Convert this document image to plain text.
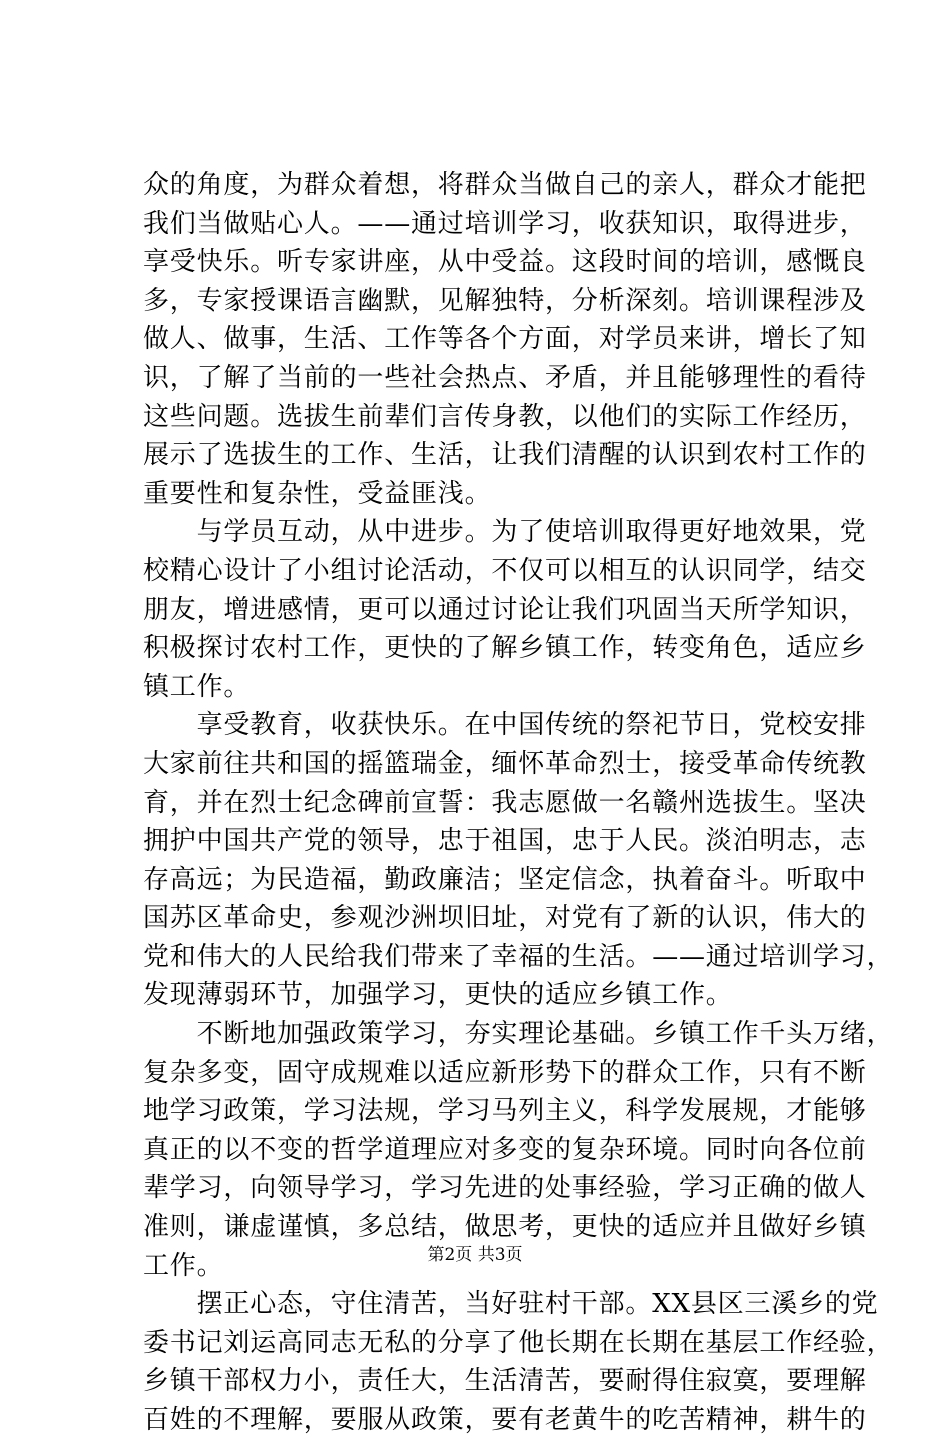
众的角度，为群众着想，将群众当做自己的亲人，群众才能把
我们当做贴心人。——通过培训学习，收获知识，取得进步，
享受快乐。听专家讲座，从中受益。这段时间的培训，感慨良
多，专家授课语言幽默，见解独特，分析深刻。培训课程涉及
做人、做事，生活、工作等各个方面，对学员来讲，增长了知
识，了解了当前的一些社会热点、矛盾，并且能够理性的看待
这些问题。选拔生前辈们言传身教，以他们的实际工作经历，
展示了选拔生的工作、生活，让我们清醒的认识到农村工作的
重要性和复杂性，受益匪浅。
　　与学员互动，从中进步。为了使培训取得更好地效果，党
校精心设计了小组讨论活动，不仅可以相互的认识同学，结交
朋友，增进感情，更可以通过讨论让我们巩固当天所学知识，
积极探讨农村工作，更快的了解乡镇工作，转变角色，适应乡
镇工作。
　　享受教育，收获快乐。在中国传统的祭祀节日，党校安排
大家前往共和国的摇篮瑞金，缅怀革命烈士，接受革命传统教
育，并在烈士纪念碑前宣誓：我志愿做一名赣州选拔生。坚决
拥护中国共产党的领导，忠于祖国，忠于人民。淡泊明志，志
存高远；为民造福，勤政廉洁；坚定信念，执着奋斗。听取中
国苏区革命史，参观沙洲坝旧址，对党有了新的认识，伟大的
党和伟大的人民给我们带来了幸福的生活。——通过培训学习，
发现薄弱环节，加强学习，更快的适应乡镇工作。
　　不断地加强政策学习，夯实理论基础。乡镇工作千头万绪，
复杂多变，固守成规难以适应新形势下的群众工作，只有不断
地学习政策，学习法规，学习马列主义，科学发展规，才能够
真正的以不变的哲学道理应对多变的复杂环境。同时向各位前
辈学习，向领导学习，学习先进的处事经验，学习正确的做人
准则，谦虚谨慎，多总结，做思考，更快的适应并且做好乡镇
工作。
　　摆正心态，守住清苦，当好驻村干部。XX县区三溪乡的党
委书记刘运高同志无私的分享了他长期在长期在基层工作经验，
乡镇干部权力小，责任大，生活清苦，要耐得住寂寞，要理解
百姓的不理解，要服从政策，要有老黄牛的吃苦精神，耕牛的
第2页 共3页
